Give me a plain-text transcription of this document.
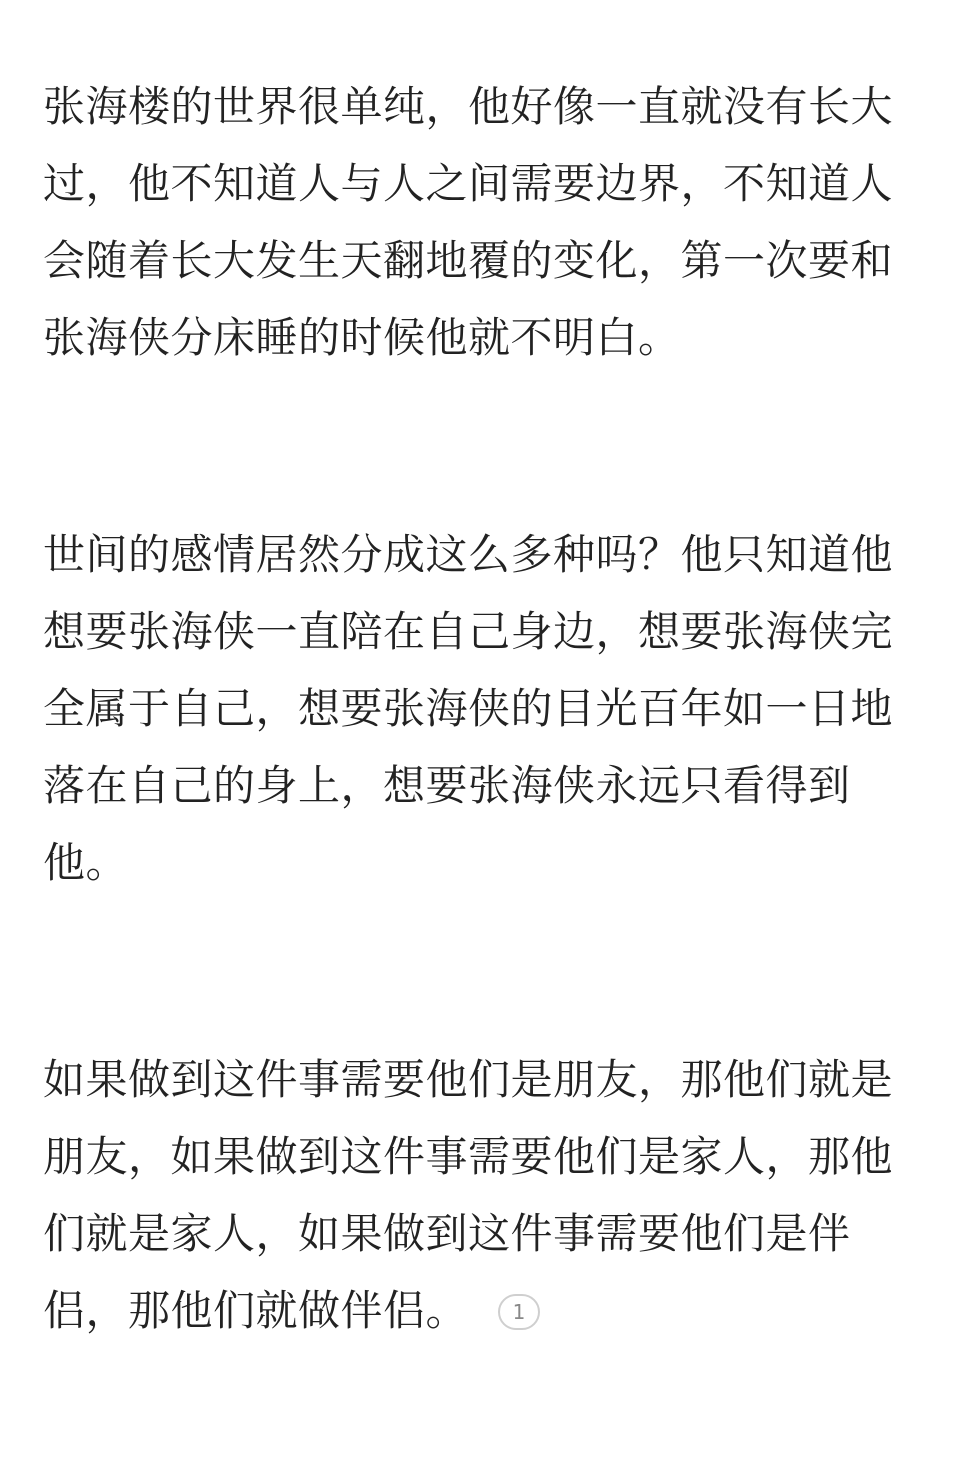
张海楼的世界很单纯，他好像一直就没有长大过，他不知道人与人之间需要边界，不知道人会随着长大发生天翻地覆的变化，第一次要和张海侠分床睡的时候他就不明白。

世间的感情居然分成这么多种吗？他只知道他想要张海侠一直陪在自己身边，想要张海侠完全属于自己，想要张海侠的目光百年如一日地落在自己的身上，想要张海侠永远只看得到他。

如果做到这件事需要他们是朋友，那他们就是朋友，如果做到这件事需要他们是家人，那他们就是家人，如果做到这件事需要他们是伴侣，那他们就做伴侣。 1
